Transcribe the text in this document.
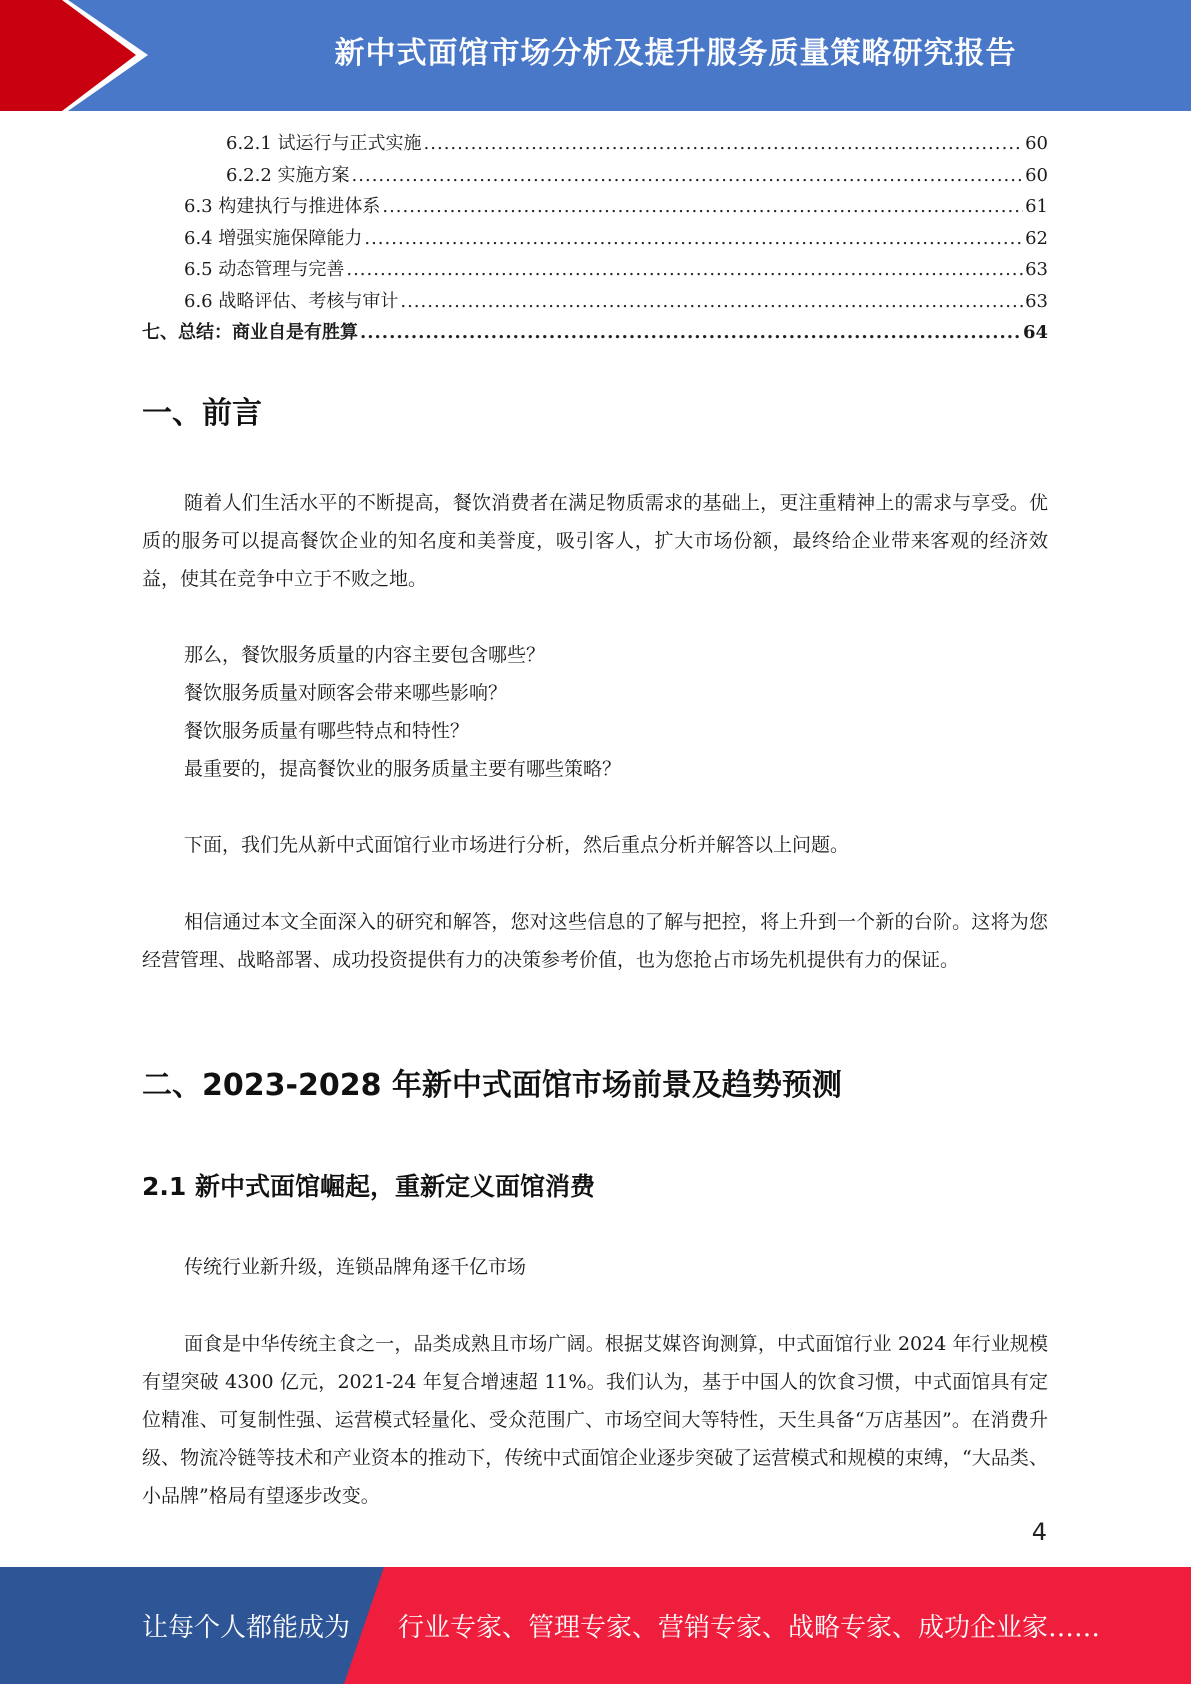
新中式面馆市场分析及提升服务质量策略研究报告
6.2.1 试运行与正式实施 .....	60
6.2.2 实施方案 .....	60
6.3 构建执行与推进体系 .....	61
6.4 增强实施保障能力 .....	62
6.5 动态管理与完善 .....	63
6.6 战略评估、考核与审计 .....	63
七、总结：商业自是有胜算 .....	64
一、前言

随着人们生活水平的不断提高，餐饮消费者在满足物质需求的基础上，更注重精神上的需求与享受。优质的服务可以提高餐饮企业的知名度和美誉度，吸引客人，扩大市场份额，最终给企业带来客观的经济效益，使其在竞争中立于不败之地。

那么，餐饮服务质量的内容主要包含哪些？
餐饮服务质量对顾客会带来哪些影响？
餐饮服务质量有哪些特点和特性？
最重要的，提高餐饮业的服务质量主要有哪些策略？
下面，我们先从新中式面馆行业市场进行分析，然后重点分析并解答以上问题。

相信通过本文全面深入的研究和解答，您对这些信息的了解与把控，将上升到一个新的台阶。这将为您经营管理、战略部署、成功投资提供有力的决策参考价值，也为您抢占市场先机提供有力的保证。

二、2023-2028 年新中式面馆市场前景及趋势预测
2.1 新中式面馆崛起，重新定义面馆消费
传统行业新升级，连锁品牌角逐千亿市场

面食是中华传统主食之一，品类成熟且市场广阔。根据艾媒咨询测算，中式面馆行业 2024 年行业规模有望突破 4300 亿元，2021-24 年复合增速超 11%。我们认为，基于中国人的饮食习惯，中式面馆具有定位精准、可复制性强、运营模式轻量化、受众范围广、市场空间大等特性，天生具备“万店基因”。在消费升级、物流冷链等技术和产业资本的推动下，传统中式面馆企业逐步突破了运营模式和规模的束缚，“大品类、小品牌”格局有望逐步改变。

4
让每个人都能成为 行业专家、管理专家、营销专家、战略专家、成功企业家……
